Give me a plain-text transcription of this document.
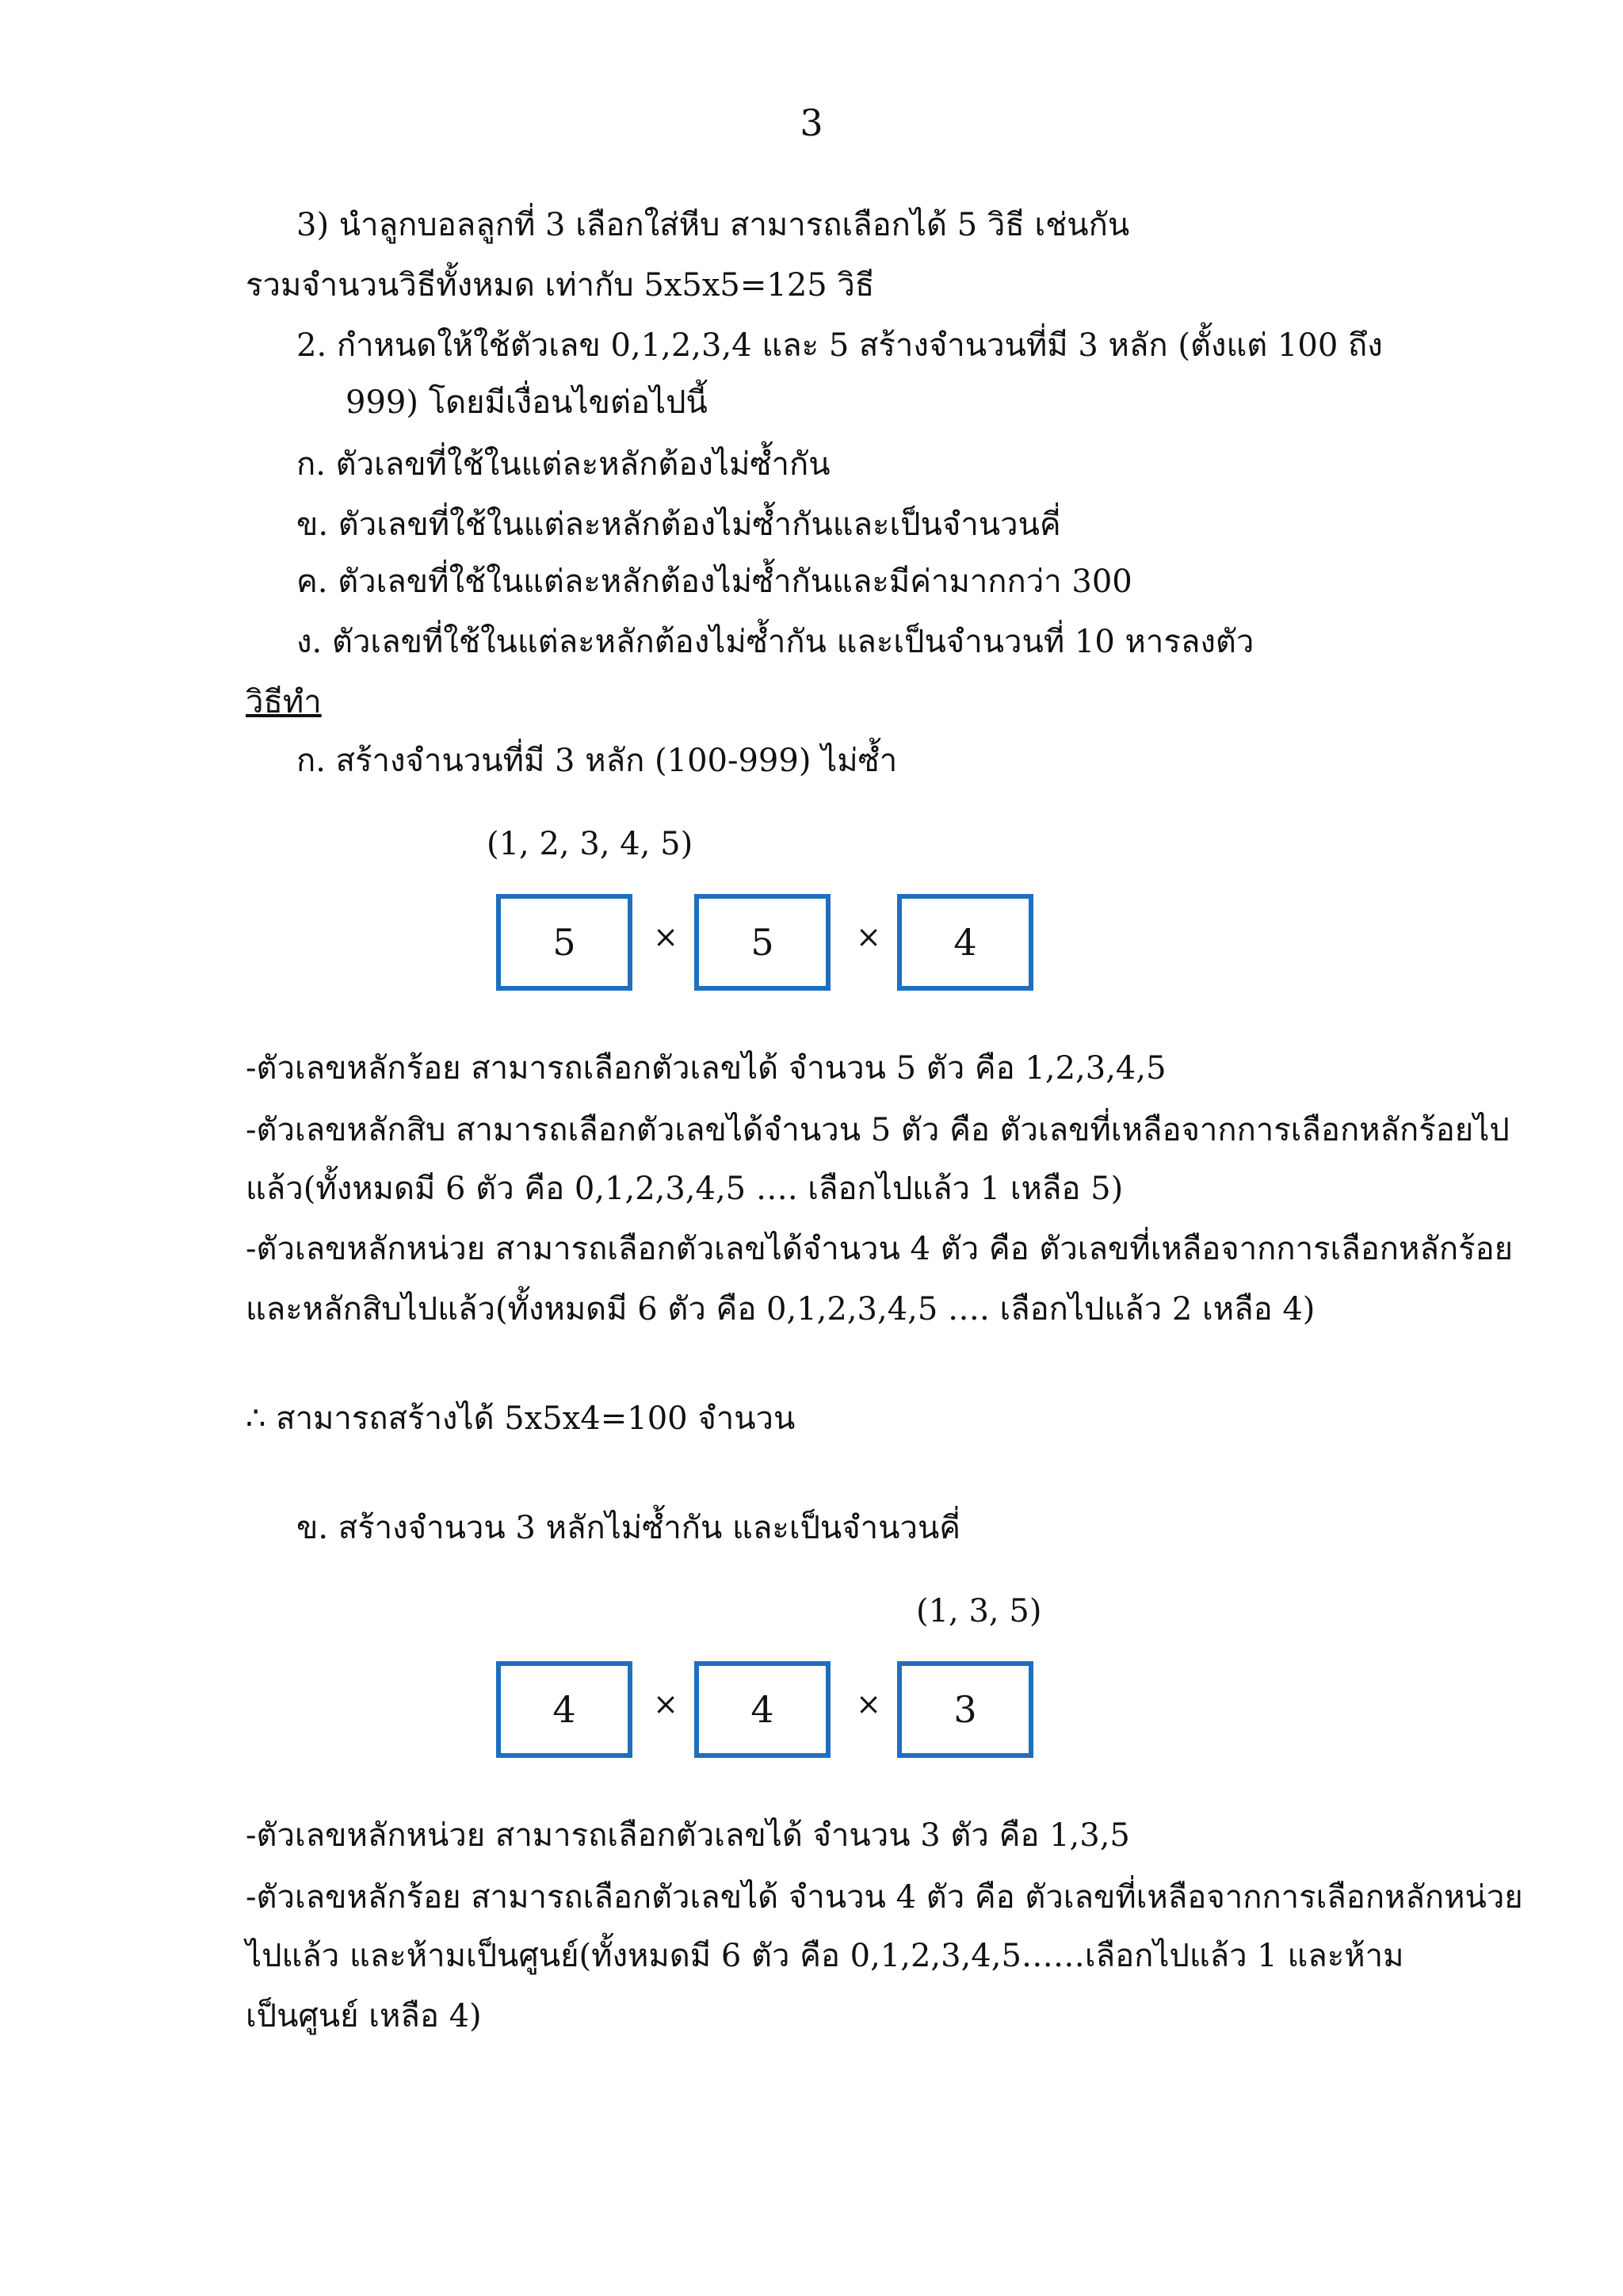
3
3) นำลูกบอลลูกที่ 3 เลือกใส่หีบ สามารถเลือกได้ 5 วิธี เช่นกัน
รวมจำนวนวิธีทั้งหมด เท่ากับ 5x5x5=125 วิธี
2. กำหนดให้ใช้ตัวเลข 0,1,2,3,4 และ 5 สร้างจำนวนที่มี 3 หลัก (ตั้งแต่ 100 ถึง
999) โดยมีเงื่อนไขต่อไปนี้
ก. ตัวเลขที่ใช้ในแต่ละหลักต้องไม่ซ้ำกัน
ข. ตัวเลขที่ใช้ในแต่ละหลักต้องไม่ซ้ำกันและเป็นจำนวนคี่
ค. ตัวเลขที่ใช้ในแต่ละหลักต้องไม่ซ้ำกันและมีค่ามากกว่า 300
ง. ตัวเลขที่ใช้ในแต่ละหลักต้องไม่ซ้ำกัน และเป็นจำนวนที่ 10 หารลงตัว
วิธีทำ
ก. สร้างจำนวนที่มี 3 หลัก (100-999) ไม่ซ้ำ
(1, 2, 3, 4, 5)
5	×	5	×	4
-ตัวเลขหลักร้อย สามารถเลือกตัวเลขได้ จำนวน 5 ตัว คือ 1,2,3,4,5
-ตัวเลขหลักสิบ สามารถเลือกตัวเลขได้จำนวน 5 ตัว คือ ตัวเลขที่เหลือจากการเลือกหลักร้อยไป
แล้ว(ทั้งหมดมี 6 ตัว คือ 0,1,2,3,4,5 …. เลือกไปแล้ว 1 เหลือ 5)
-ตัวเลขหลักหน่วย สามารถเลือกตัวเลขได้จำนวน 4 ตัว คือ ตัวเลขที่เหลือจากการเลือกหลักร้อย
และหลักสิบไปแล้ว(ทั้งหมดมี 6 ตัว คือ 0,1,2,3,4,5 …. เลือกไปแล้ว 2 เหลือ 4)
∴ สามารถสร้างได้ 5x5x4=100 จำนวน
ข. สร้างจำนวน 3 หลักไม่ซ้ำกัน และเป็นจำนวนคี่
(1, 3, 5)
4	×	4	×	3
-ตัวเลขหลักหน่วย สามารถเลือกตัวเลขได้ จำนวน 3 ตัว คือ 1,3,5
-ตัวเลขหลักร้อย สามารถเลือกตัวเลขได้ จำนวน 4 ตัว คือ ตัวเลขที่เหลือจากการเลือกหลักหน่วย
ไปแล้ว และห้ามเป็นศูนย์(ทั้งหมดมี 6 ตัว คือ 0,1,2,3,4,5……เลือกไปแล้ว 1 และห้าม
เป็นศูนย์ เหลือ 4)
